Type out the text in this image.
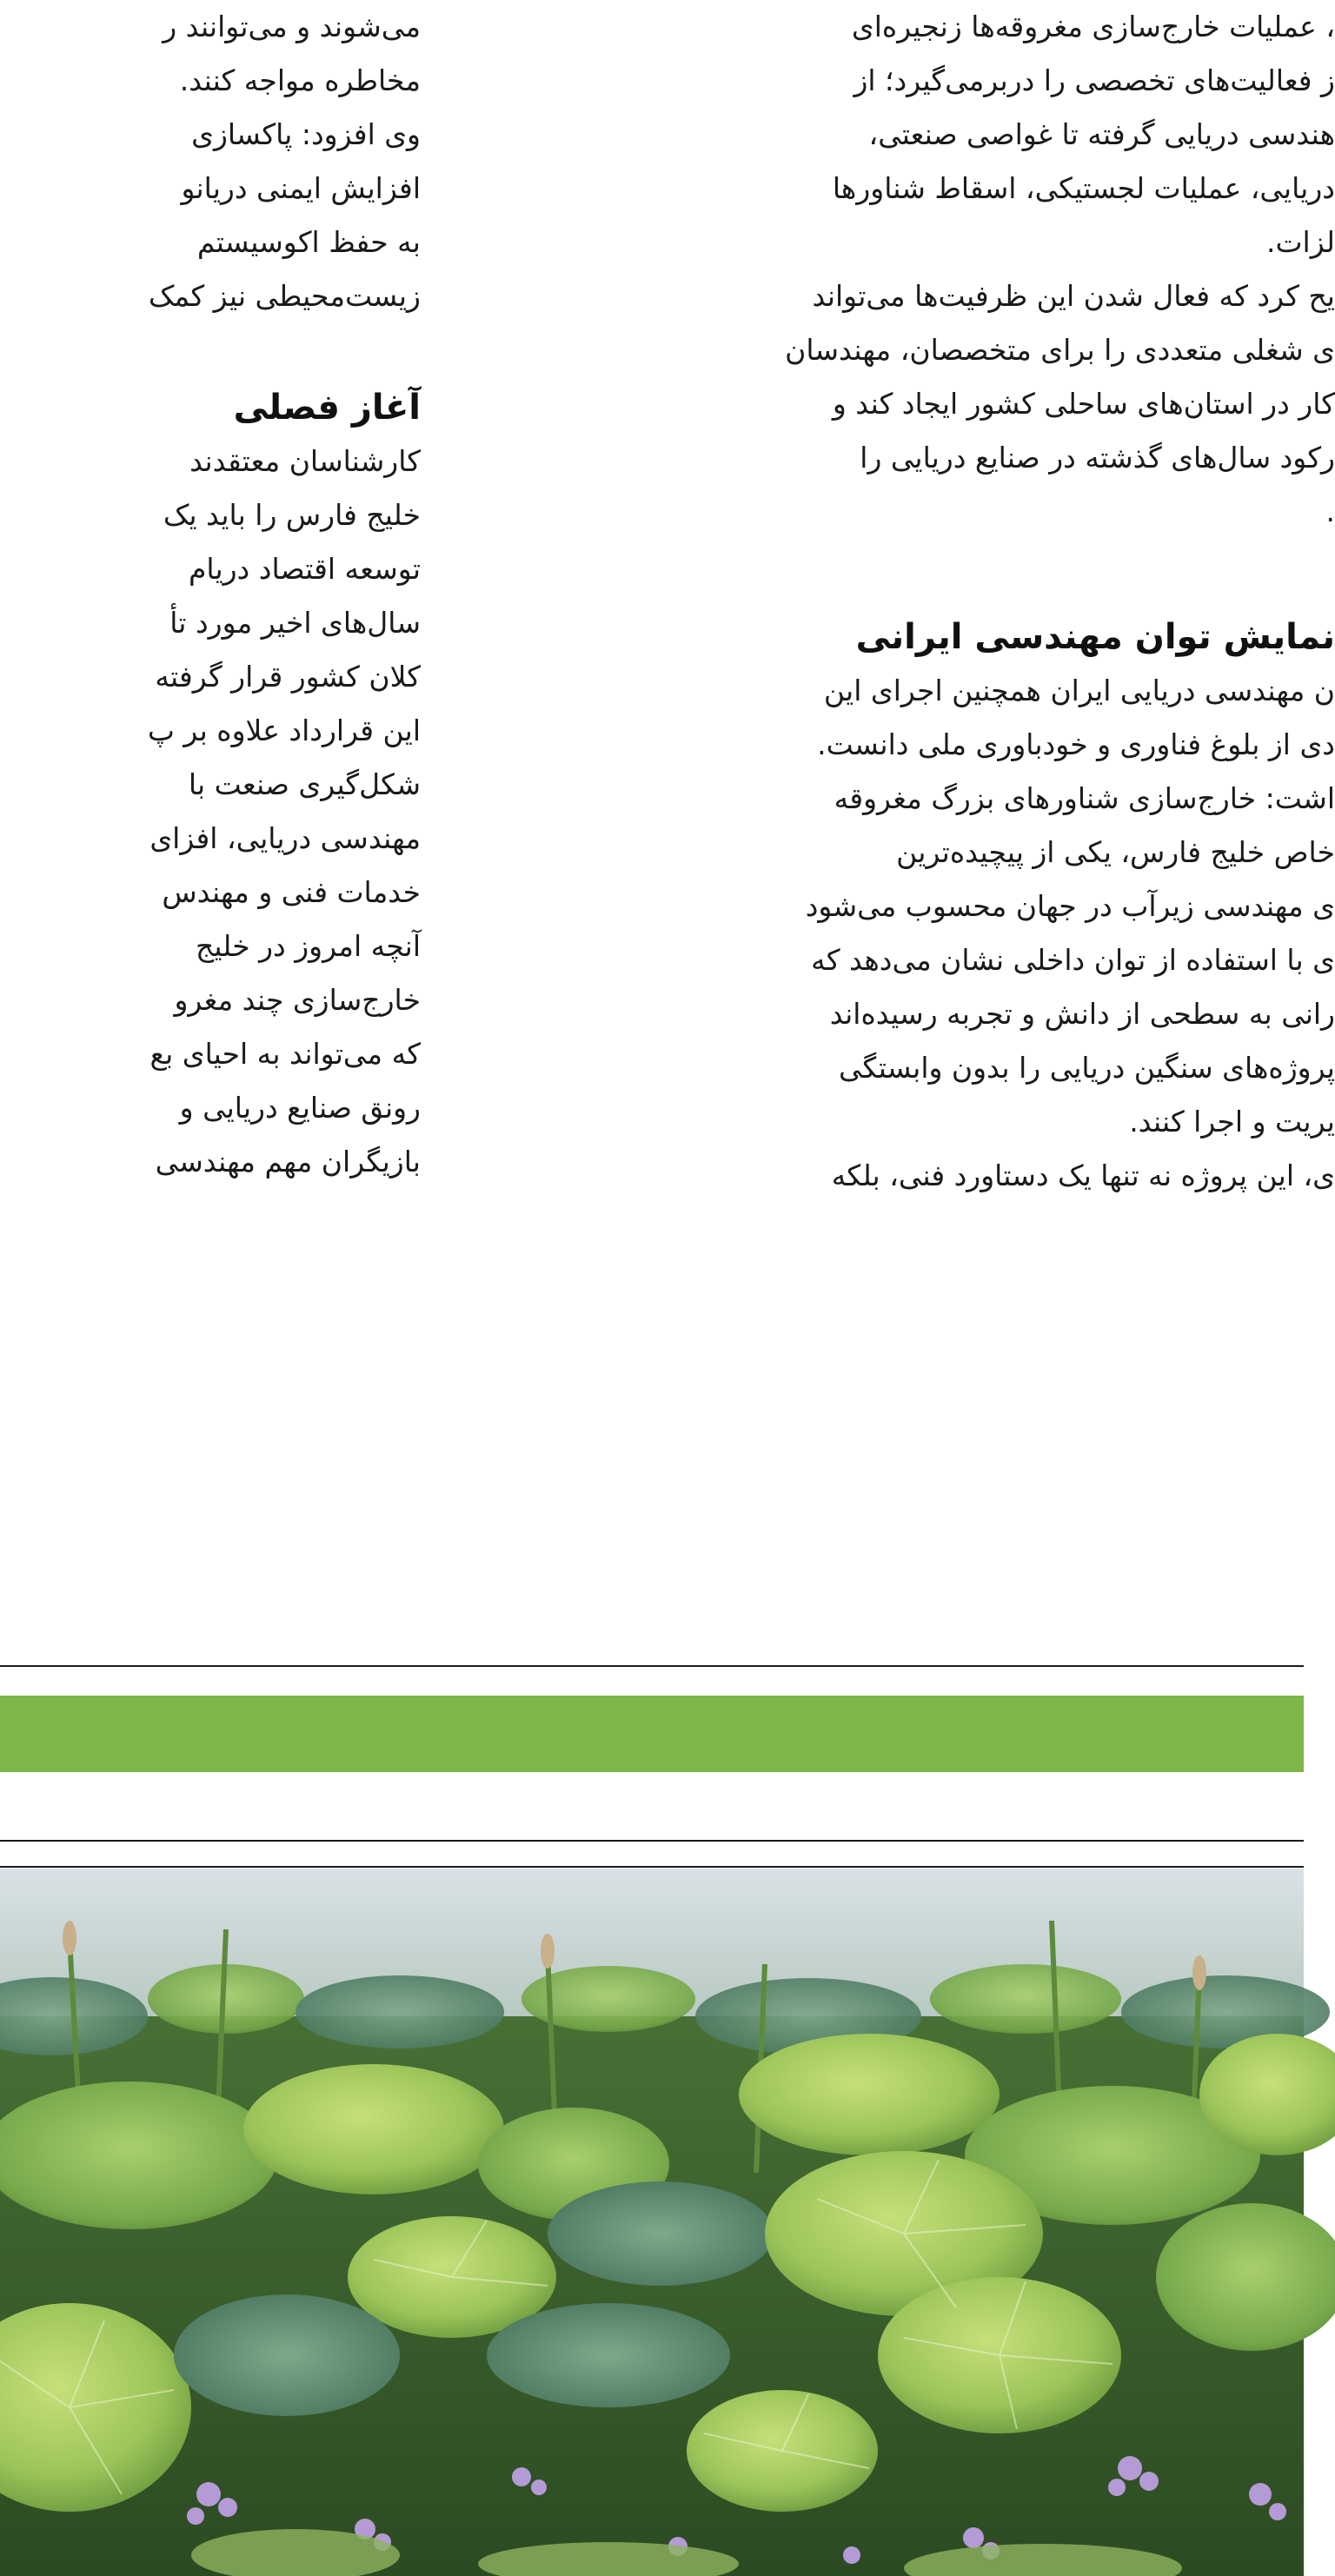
، عملیات خارج‌سازی مغروقه‌ها زنجیره‌ای

ز فعالیت‌های تخصصی را دربرمی‌گیرد؛ از

هندسی دریایی گرفته تا غواصی صنعتی،

دریایی، عملیات لجستیکی، اسقاط شناورها

لزات.

یح کرد که فعال شدن این ظرفیت‌ها می‌تواند

ی شغلی متعددی را برای متخصصان، مهندسان

کار در استان‌های ساحلی کشور ایجاد کند و

رکود سال‌های گذشته در صنایع دریایی را

.

نمایش توان مهندسی ایرانی

ن مهندسی دریایی ایران همچنین اجرای این

دی از بلوغ فناوری و خودباوری ملی دانست.

اشت: خارج‌سازی شناورهای بزرگ مغروقه

خاص خلیج فارس، یکی از پیچیده‌ترین

ی مهندسی زیرآب در جهان محسوب می‌شود

ی با استفاده از توان داخلی نشان می‌دهد که

رانی به سطحی از دانش و تجربه رسیده‌اند

پروژه‌های سنگین دریایی را بدون وابستگی

یریت و اجرا کنند.

ی، این پروژه نه تنها یک دستاورد فنی، بلکه

می‌شوند و می‌توانند ر

مخاطره مواجه کنند.

وی افزود: پاکسازی

افزایش ایمنی دریانو

به حفظ اکوسیستم

زیست‌محیطی نیز کمک

آغاز فصلی

کارشناسان معتقدند

خلیج فارس را باید یک

توسعه اقتصاد دریام

سال‌های اخیر مورد تأ

کلان کشور قرار گرفته

این قرارداد علاوه بر پ

شکل‌گیری صنعت با

مهندسی دریایی، افزای

خدمات فنی و مهندس

آنچه امروز در خلیج

خارج‌سازی چند مغرو

که می‌تواند به احیای بع

رونق صنایع دریایی و

بازیگران مهم مهندسی
